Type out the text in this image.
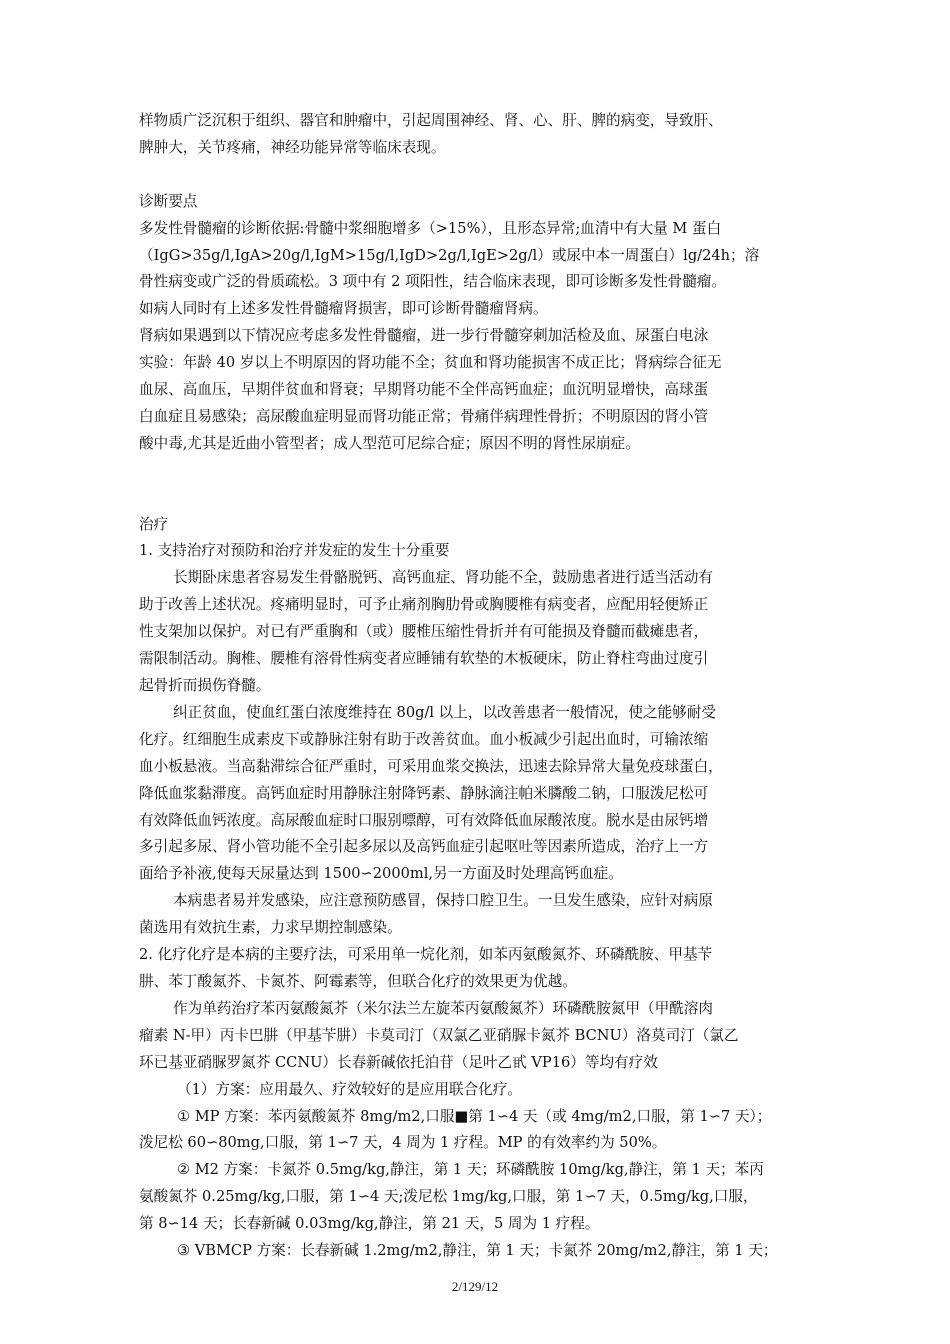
样物质广泛沉积于组织、器官和肿瘤中，引起周围神经、肾、心、肝、脾的病变，导致肝、
脾肿大，关节疼痛，神经功能异常等临床表现。
诊断要点
多发性骨髓瘤的诊断依据:骨髓中浆细胞增多（>15%），且形态异常;血清中有大量 M 蛋白
（IgG>35g/l,IgA>20g/l,IgM>15g/l,IgD>2g/l,IgE>2g/l）或尿中本一周蛋白）lg/24h；溶
骨性病变或广泛的骨质疏松。3 项中有 2 项阳性，结合临床表现，即可诊断多发性骨髓瘤。
如病人同时有上述多发性骨髓瘤肾损害，即可诊断骨髓瘤肾病。
肾病如果遇到以下情况应考虑多发性骨髓瘤，进一步行骨髓穿刺加活检及血、尿蛋白电泳
实验：年龄 40 岁以上不明原因的肾功能不全；贫血和肾功能损害不成正比；肾病综合征无
血尿、高血压，早期伴贫血和肾衰；早期肾功能不全伴高钙血症；血沉明显增快，高球蛋
白血症且易感染；高尿酸血症明显而肾功能正常；骨痛伴病理性骨折；不明原因的肾小管
酸中毒,尤其是近曲小管型者；成人型范可尼综合症；原因不明的肾性尿崩症。
治疗
1. 支持治疗对预防和治疗并发症的发生十分重要
长期卧床患者容易发生骨骼脱钙、高钙血症、肾功能不全，鼓励患者进行适当活动有
助于改善上述状况。疼痛明显时，可予止痛剂胸肋骨或胸腰椎有病变者，应配用轻便矫正
性支架加以保护。对已有严重胸和（或）腰椎压缩性骨折并有可能损及脊髓而截瘫患者，
需限制活动。胸椎、腰椎有溶骨性病变者应睡铺有软垫的木板硬床，防止脊柱弯曲过度引
起骨折而损伤脊髓。
纠正贫血，使血红蛋白浓度维持在 80g/l 以上，以改善患者一般情况，使之能够耐受
化疗。红细胞生成素皮下或静脉注射有助于改善贫血。血小板减少引起出血时，可输浓缩
血小板悬液。当高黏滞综合征严重时，可采用血浆交换法，迅速去除异常大量免疫球蛋白，
降低血浆黏滞度。高钙血症时用静脉注射降钙素、静脉滴注帕米膦酸二钠，口服泼尼松可
有效降低血钙浓度。高尿酸血症时口服别嘌醇，可有效降低血尿酸浓度。脱水是由尿钙增
多引起多尿、肾小管功能不全引起多尿以及高钙血症引起呕吐等因素所造成，治疗上一方
面给予补液,使每天尿量达到 1500∽2000ml,另一方面及时处理高钙血症。
本病患者易并发感染，应注意预防感冒，保持口腔卫生。一旦发生感染，应针对病原
菌选用有效抗生素，力求早期控制感染。
2. 化疗化疗是本病的主要疗法，可采用单一烷化剂，如苯丙氨酸氮芥、环磷酰胺、甲基苄
肼、苯丁酸氮芥、卡氮芥、阿霉素等，但联合化疗的效果更为优越。
作为单药治疗苯丙氨酸氮芥（米尔法兰左旋苯丙氨酸氮芥）环磷酰胺氮甲（甲酰溶肉
瘤素 N-甲）丙卡巴肼（甲基苄肼）卡莫司汀（双氯乙亚硝脲卡氮芥 BCNU）洛莫司汀（氯乙
环已基亚硝脲罗氮芥 CCNU）长春新碱依托泊苷（足叶乙甙 VP16）等均有疗效
（1）方案：应用最久、疗效较好的是应用联合化疗。
① MP 方案：苯丙氨酸氮芥 8mg/m2,口服■第 1∽4 天（或 4mg/m2,口服，第 1∽7 天）；
泼尼松 60∽80mg,口服，第 1∽7 天，4 周为 1 疗程。MP 的有效率约为 50%。
② M2 方案：卡氮芥 0.5mg/kg,静注，第 1 天；环磷酰胺 10mg/kg,静注，第 1 天；苯丙
氨酸氮芥 0.25mg/kg,口服，第 1∽4 天;泼尼松 1mg/kg,口服，第 1∽7 天，0.5mg/kg,口服，
第 8∽14 天；长春新碱 0.03mg/kg,静注，第 21 天，5 周为 1 疗程。
③ VBMCP 方案：长春新碱 1.2mg/m2,静注，第 1 天；卡氮芥 20mg/m2,静注，第 1 天；
2/129/12
